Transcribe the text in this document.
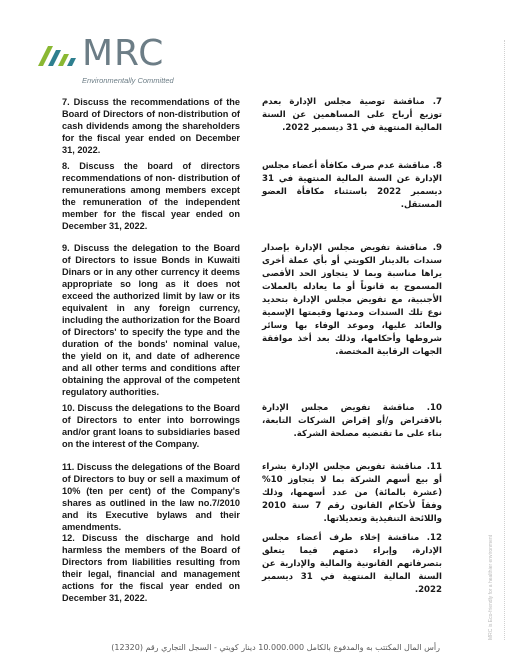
MRC
Environmentally Committed
7. Discuss the recommendations of the Board of Directors of non-distribution of cash dividends among the shareholders for the fiscal year ended on December 31, 2022.
7. مناقشة توصية مجلس الإدارة بعدم توزيع أرباح على المساهمين عن السنة المالية المنتهية في 31 ديسمبر 2022.
8. Discuss the board of directors recommendations of non- distribution of remunerations among members except the remuneration of the independent member for the fiscal year ended on December 31, 2022.
8. مناقشة عدم صرف مكافأة أعضاء مجلس الإدارة عن السنة المالية المنتهية في 31 ديسمبر 2022 باستثناء مكافأة العضو المستقل.
9. Discuss the delegation to the Board of Directors to issue Bonds in Kuwaiti Dinars or in any other currency it deems appropriate so long as it does not exceed the authorized limit by law or its equivalent in any foreign currency, including the authorization for the Board of Directors' to specify the type and the duration of the bonds' nominal value, the yield on it, and date of adherence and all other terms and conditions after obtaining the approval of the competent regulatory authorities.
9. مناقشة تفويض مجلس الإدارة بإصدار سندات بالدينار الكويتي أو بأي عملة أخرى يراها مناسبة وبما لا يتجاوز الحد الأقصى المسموح به قانوناً أو ما يعادله بالعملات الأجنبية، مع تفويض مجلس الإدارة بتحديد نوع تلك السندات ومدتها وقيمتها الإسمية والعائد عليها، وموعد الوفاء بها وسائر شروطها وأحكامها، وذلك بعد أخذ موافقة الجهات الرقابية المختصة.
10. Discuss the delegations to the Board of Directors to enter into borrowings and/or grant loans to subsidiaries based on the interest of the Company.
10. مناقشة تفويض مجلس الإدارة بالاقتراض و/أو إقراض الشركات التابعة، بناء على ما تقتضيه مصلحة الشركة.
11. Discuss the delegations of the Board of Directors to buy or sell a maximum of 10% (ten per cent) of the Company's shares as outlined in the law no.7/2010 and its Executive bylaws and their amendments.
11. مناقشة تفويض مجلس الإدارة بشراء أو بيع أسهم الشركة بما لا يتجاوز 10% (عشرة بالمائة) من عدد أسهمها، وذلك وفقاً لأحكام القانون رقم 7 سنة 2010 واللائحة التنفيذية وتعديلاتها.
12. Discuss the discharge and hold harmless the members of the Board of Directors from liabilities resulting from their legal, financial and management actions for the fiscal year ended on December 31, 2022.
12. مناقشة إخلاء طرف أعضاء مجلس الإدارة، وإبراء ذمتهم فيما يتعلق بتصرفاتهم القانونية والمالية والإدارية عن السنة المالية المنتهية في 31 ديسمبر 2022.	MRC is Eco-friendly for a healthier environment
رأس المال المكتتب به والمدفوع بالكامل 10.000.000 دينار كويتي - السجل التجاري رقم (12320)
